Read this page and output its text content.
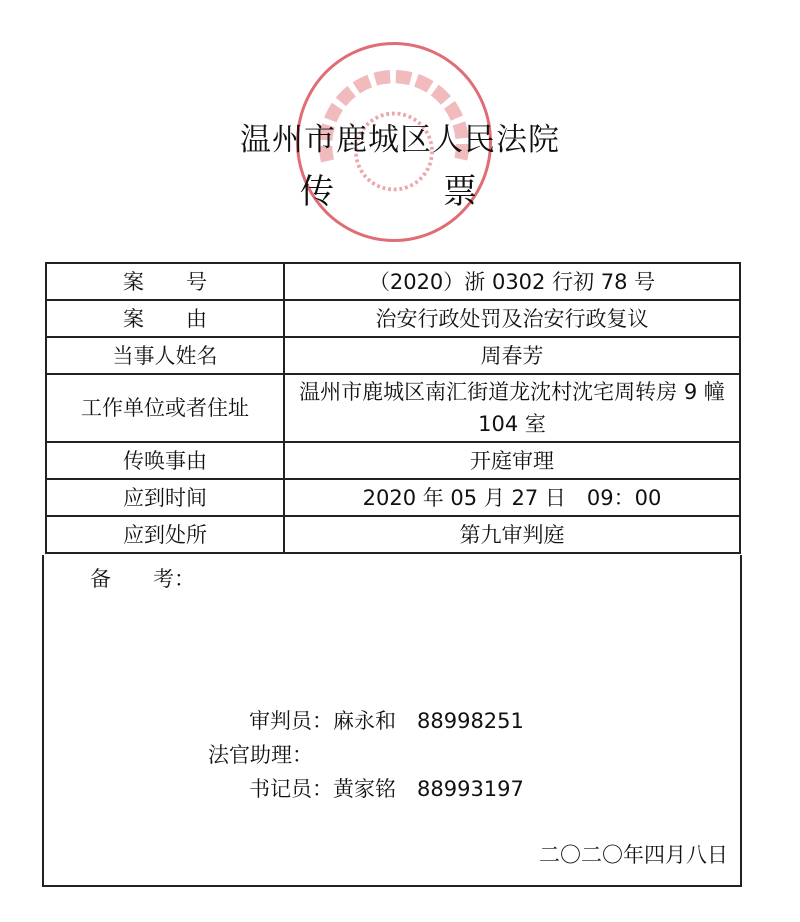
温州市鹿城区人民法院
传	票
案　　号	（2020）浙 0302 行初 78 号
案　　由	治安行政处罚及治安行政复议
当事人姓名	周春芳
工作单位或者住址	温州市鹿城区南汇街道龙沈村沈宅周转房 9 幢 104 室
传唤事由	开庭审理
应到时间	2020 年 05 月 27 日　09：00
应到处所	第九审判庭
备　　考：
审判员：麻永和　88998251
法官助理：
书记员：黄家铭　88993197
二〇二〇年四月八日
